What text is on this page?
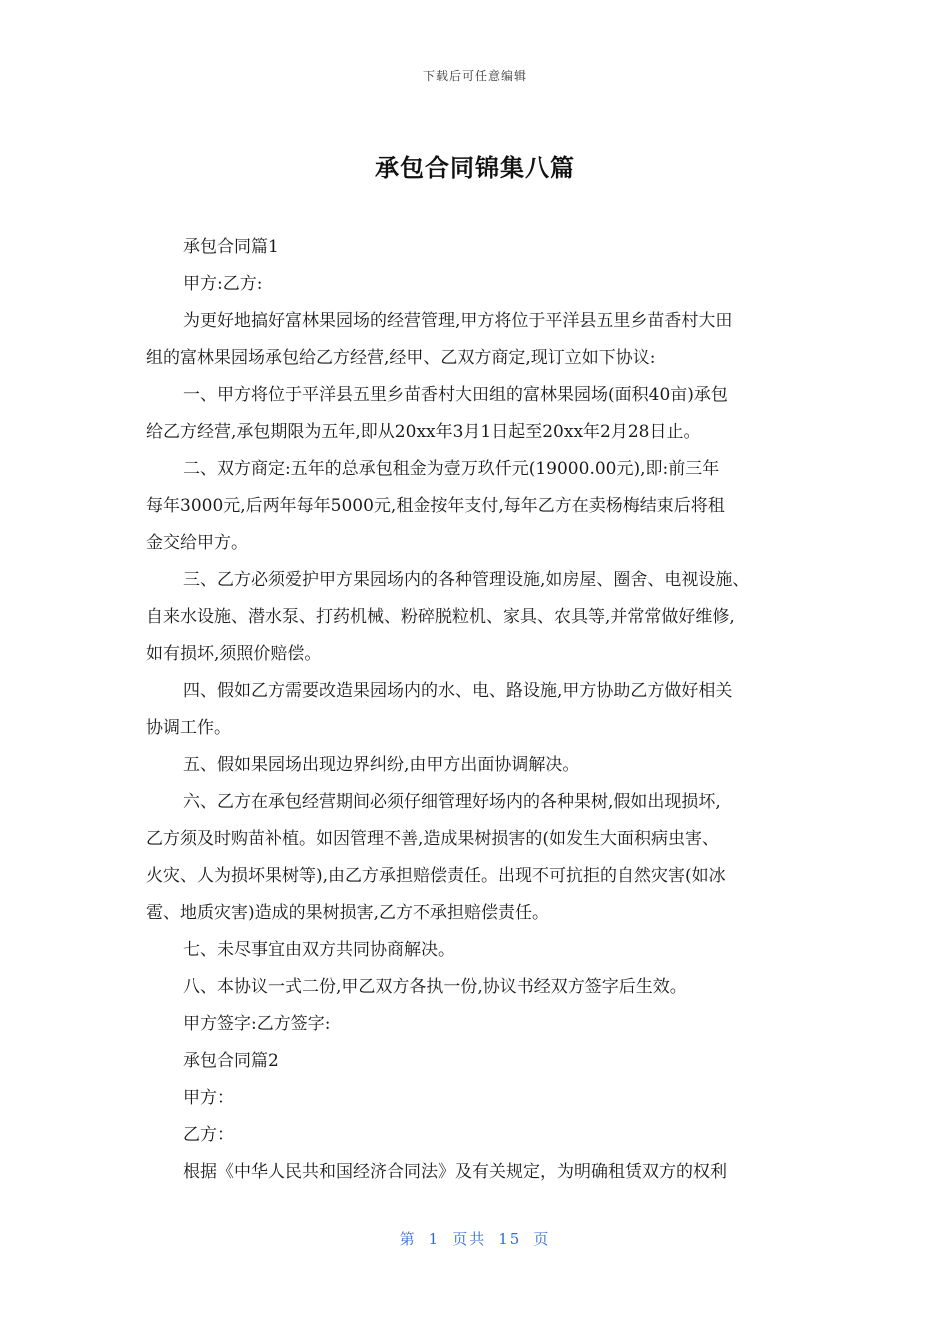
下载后可任意编辑
承包合同锦集八篇
承包合同篇1
甲方:乙方:
为更好地搞好富林果园场的经营管理,甲方将位于平洋县五里乡苗香村大田
组的富林果园场承包给乙方经营,经甲、乙双方商定,现订立如下协议:
一、甲方将位于平洋县五里乡苗香村大田组的富林果园场(面积40亩)承包
给乙方经营,承包期限为五年,即从20xx年3月1日起至20xx年2月28日止。
二、双方商定:五年的总承包租金为壹万玖仟元(19000.00元),即:前三年
每年3000元,后两年每年5000元,租金按年支付,每年乙方在卖杨梅结束后将租
金交给甲方。
三、乙方必须爱护甲方果园场内的各种管理设施,如房屋、圈舍、电视设施、
自来水设施、潜水泵、打药机械、粉碎脱粒机、家具、农具等,并常常做好维修,
如有损坏,须照价赔偿。
四、假如乙方需要改造果园场内的水、电、路设施,甲方协助乙方做好相关
协调工作。
五、假如果园场出现边界纠纷,由甲方出面协调解决。
六、乙方在承包经营期间必须仔细管理好场内的各种果树,假如出现损坏,
乙方须及时购苗补植。如因管理不善,造成果树损害的(如发生大面积病虫害、
火灾、人为损坏果树等),由乙方承担赔偿责任。出现不可抗拒的自然灾害(如冰
雹、地质灾害)造成的果树损害,乙方不承担赔偿责任。
七、未尽事宜由双方共同协商解决。
八、本协议一式二份,甲乙双方各执一份,协议书经双方签字后生效。
甲方签字:乙方签字:
承包合同篇2
甲方：
乙方：
根据《中华人民共和国经济合同法》及有关规定，为明确租赁双方的权利
第 1 页共 15 页
